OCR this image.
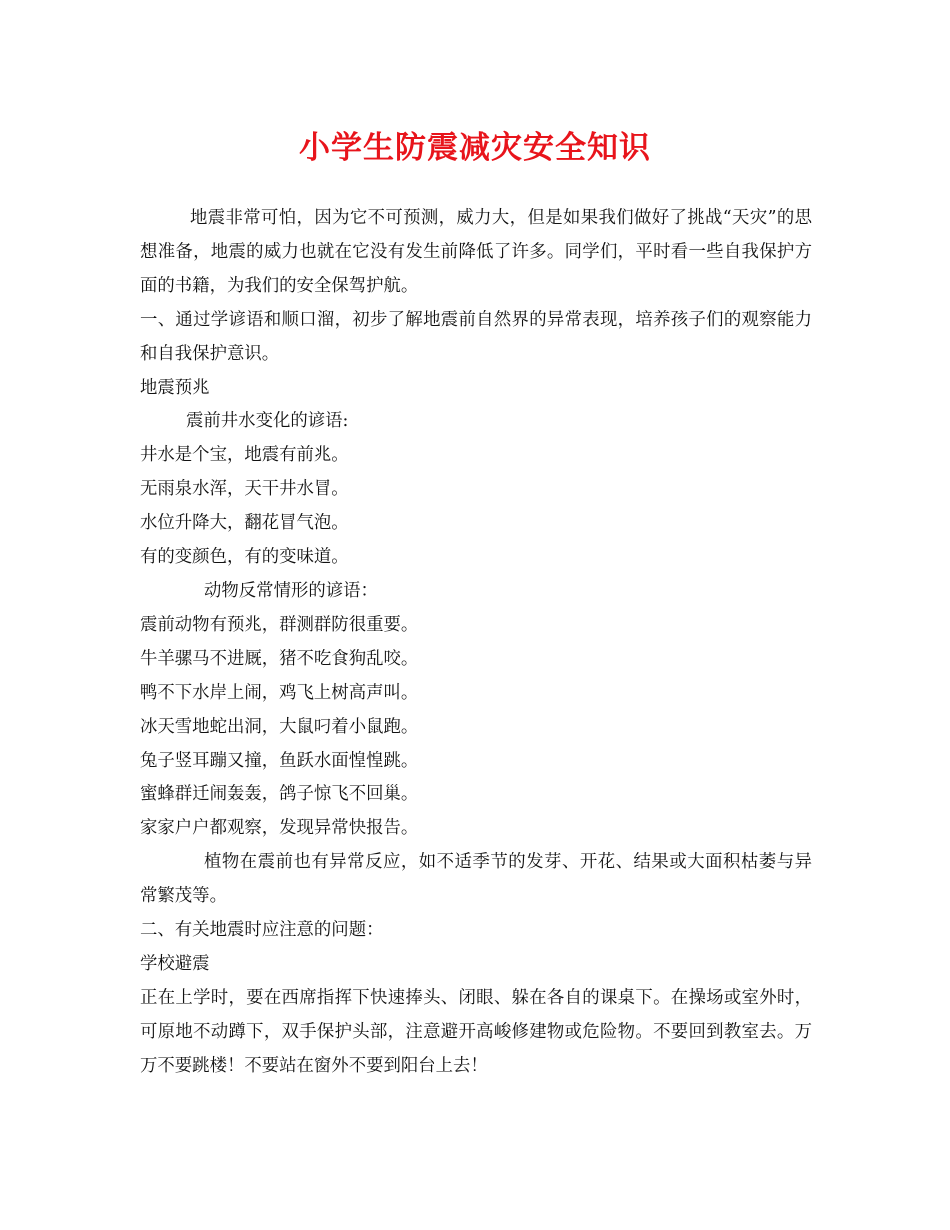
小学生防震减灾安全知识

地震非常可怕，因为它不可预测，威力大，但是如果我们做好了挑战“天灾”的思想准备，地震的威力也就在它没有发生前降低了许多。同学们，平时看一些自我保护方面的书籍，为我们的安全保驾护航。

一、通过学谚语和顺口溜，初步了解地震前自然界的异常表现，培养孩子们的观察能力和自我保护意识。

地震预兆

震前井水变化的谚语:

井水是个宝，地震有前兆。

无雨泉水浑，天干井水冒。

水位升降大，翻花冒气泡。

有的变颜色，有的变味道。

动物反常情形的谚语：

震前动物有预兆，群测群防很重要。

牛羊骡马不进厩，猪不吃食狗乱咬。

鸭不下水岸上闹，鸡飞上树高声叫。

冰天雪地蛇出洞，大鼠叼着小鼠跑。

兔子竖耳蹦又撞，鱼跃水面惶惶跳。

蜜蜂群迁闹轰轰，鸽子惊飞不回巢。

家家户户都观察，发现异常快报告。

植物在震前也有异常反应，如不适季节的发芽、开花、结果或大面积枯萎与异常繁茂等。

二、有关地震时应注意的问题：

学校避震

正在上学时，要在西席指挥下快速捧头、闭眼、躲在各自的课桌下。在操场或室外时，可原地不动蹲下，双手保护头部，注意避开高峻修建物或危险物。不要回到教室去。万万不要跳楼！不要站在窗外不要到阳台上去！
